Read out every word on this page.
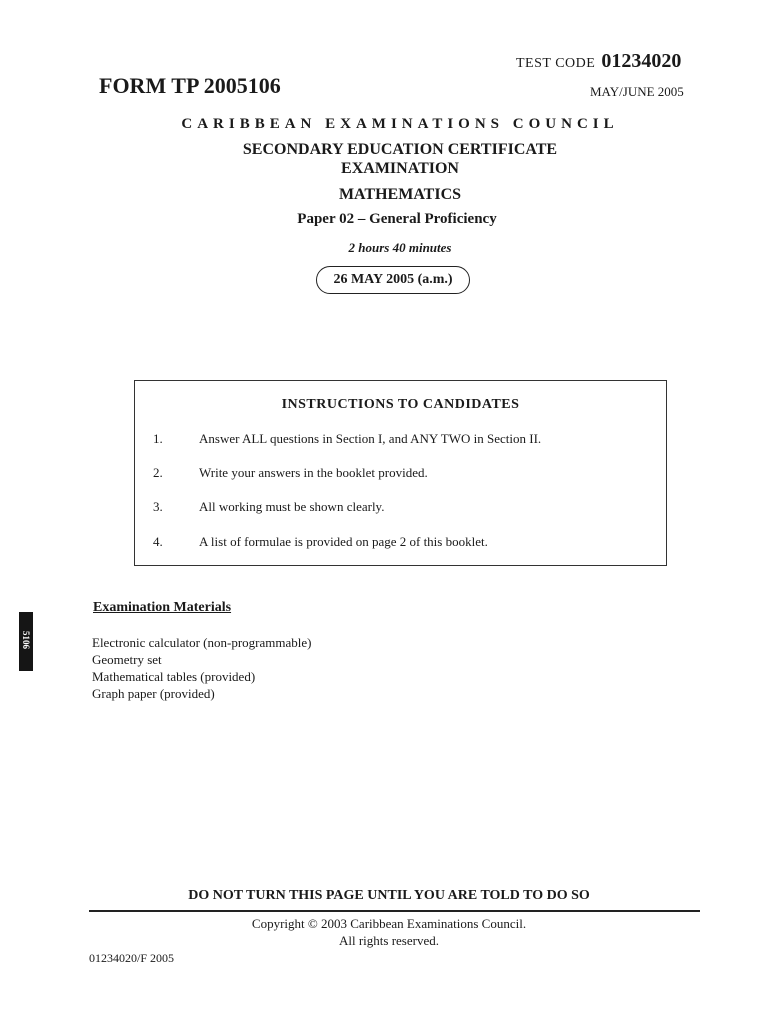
TEST CODE 01234020
FORM TP 2005106	MAY/JUNE 2005
CARIBBEAN EXAMINATIONS COUNCIL
SECONDARY EDUCATION CERTIFICATE
EXAMINATION
MATHEMATICS
Paper 02 – General Proficiency
2 hours 40 minutes
26 MAY 2005 (a.m.)
INSTRUCTIONS TO CANDIDATES
1.	Answer ALL questions in Section I, and ANY TWO in Section II.
2.	Write your answers in the booklet provided.
3.	All working must be shown clearly.
4.	A list of formulae is provided on page 2 of this booklet.
5106
Examination Materials
Electronic calculator (non-programmable)
Geometry set
Mathematical tables (provided)
Graph paper (provided)
DO NOT TURN THIS PAGE UNTIL YOU ARE TOLD TO DO SO
Copyright © 2003 Caribbean Examinations Council.
All rights reserved.
01234020/F 2005
